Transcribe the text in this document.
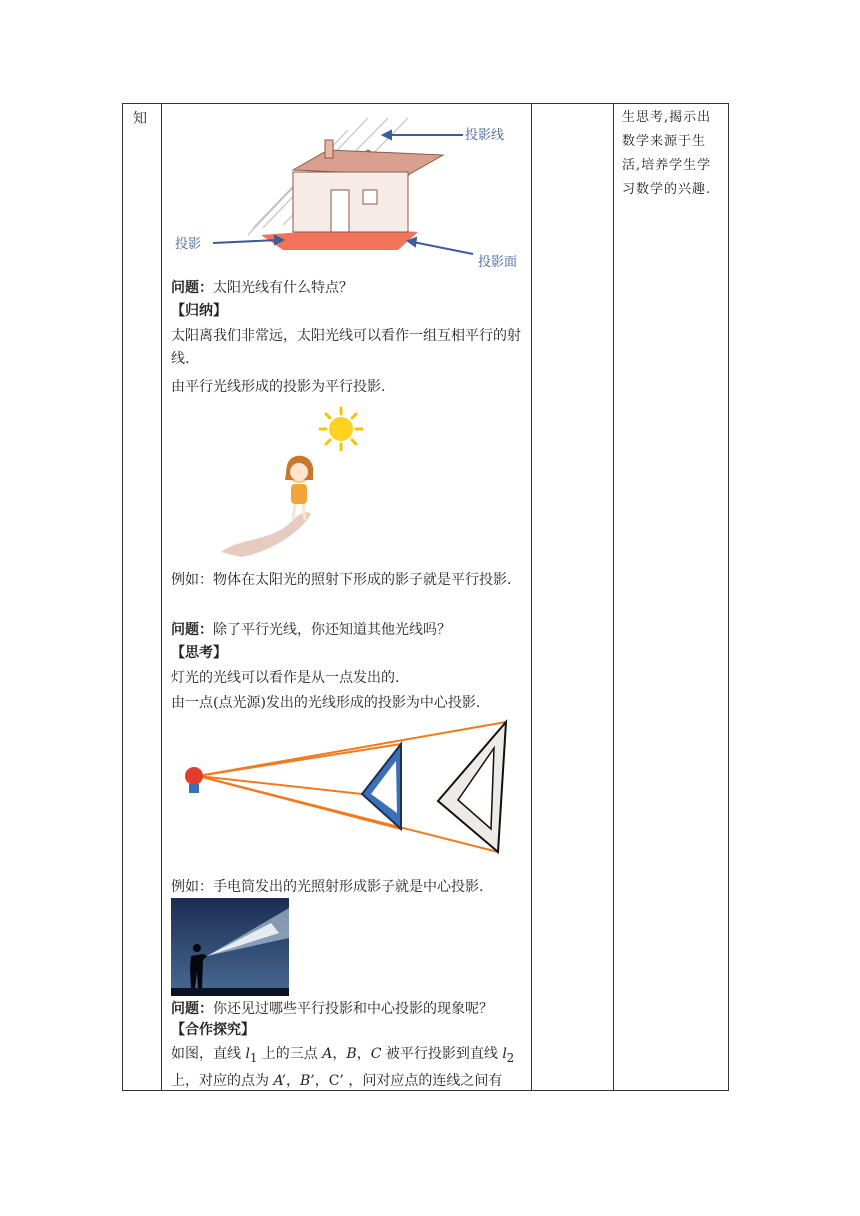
知	生思考,揭示出数学来源于生活,培养学生学习数学的兴趣.
投影线
投影
投影面
问题：太阳光线有什么特点？
【归纳】
太阳离我们非常远，太阳光线可以看作一组互相平行的射线.
由平行光线形成的投影为平行投影.
例如：物体在太阳光的照射下形成的影子就是平行投影.
问题：除了平行光线，你还知道其他光线吗？
【思考】
灯光的光线可以看作是从一点发出的.
由一点(点光源)发出的光线形成的投影为中心投影.
例如：手电筒发出的光照射形成影子就是中心投影.
问题：你还见过哪些平行投影和中心投影的现象呢？
【合作探究】
如图，直线 $l_1$ 上的三点 A，B，C 被平行投影到直线 $l_2$上，对应的点为 A’，B’，C’ ，问对应点的连线之间有
